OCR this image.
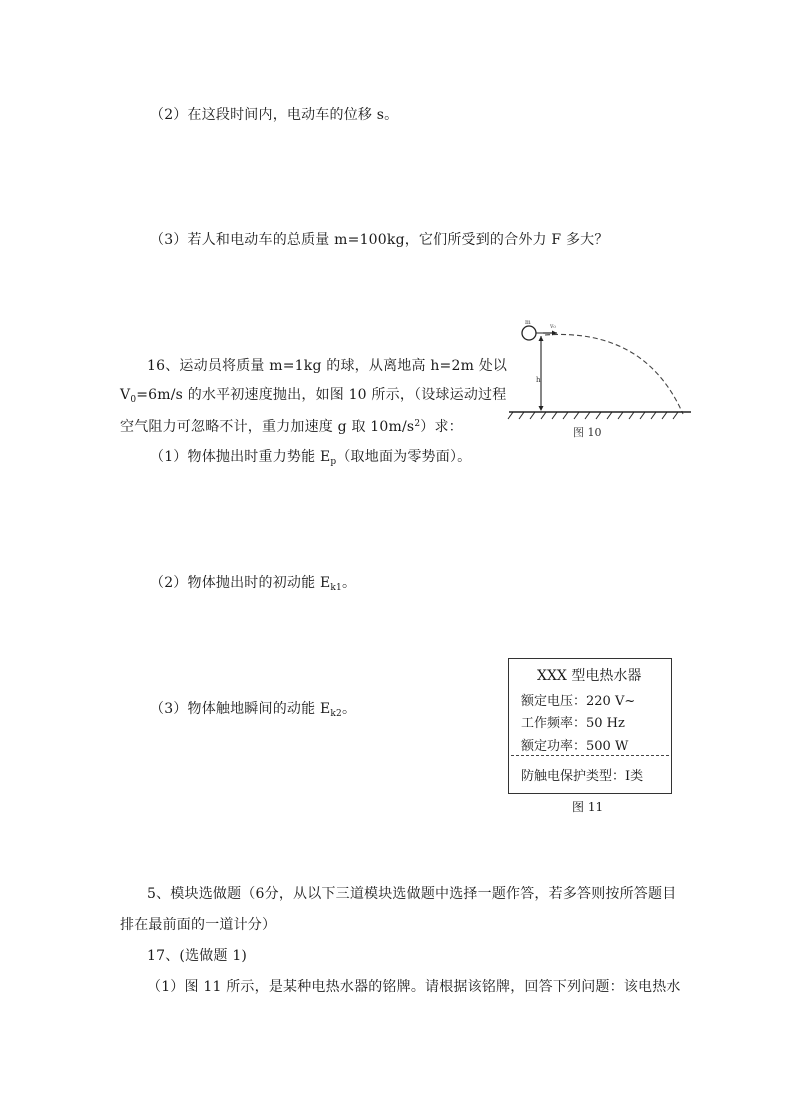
（2）在这段时间内，电动车的位移 s。
（3）若人和电动车的总质量 m=100kg，它们所受到的合外力 F 多大？
16、运动员将质量 m=1kg 的球，从离地高 h=2m 处以
$V_0=6m/s$ 的水平初速度抛出，如图 10 所示，（设球运动过程
空气阻力可忽略不计，重力加速度 g 取 $10m/s^2$）求：
（1）物体抛出时重力势能 $E_p$（取地面为零势面）。
（2）物体抛出时的初动能 $E_{k1}$。
（3）物体触地瞬间的动能 $E_{k2}$。
m
v₀
h
图 10
XXX 型电热水器
额定电压：220 V~
工作频率：50 Hz
额定功率：500 W
防触电保护类型：Ⅰ类
图 11
5、模块选做题（6分，从以下三道模块选做题中选择一题作答，若多答则按所答题目
排在最前面的一道计分）
17、(选做题 1)
（1）图 11 所示，是某种电热水器的铭牌。请根据该铭牌，回答下列问题：该电热水
